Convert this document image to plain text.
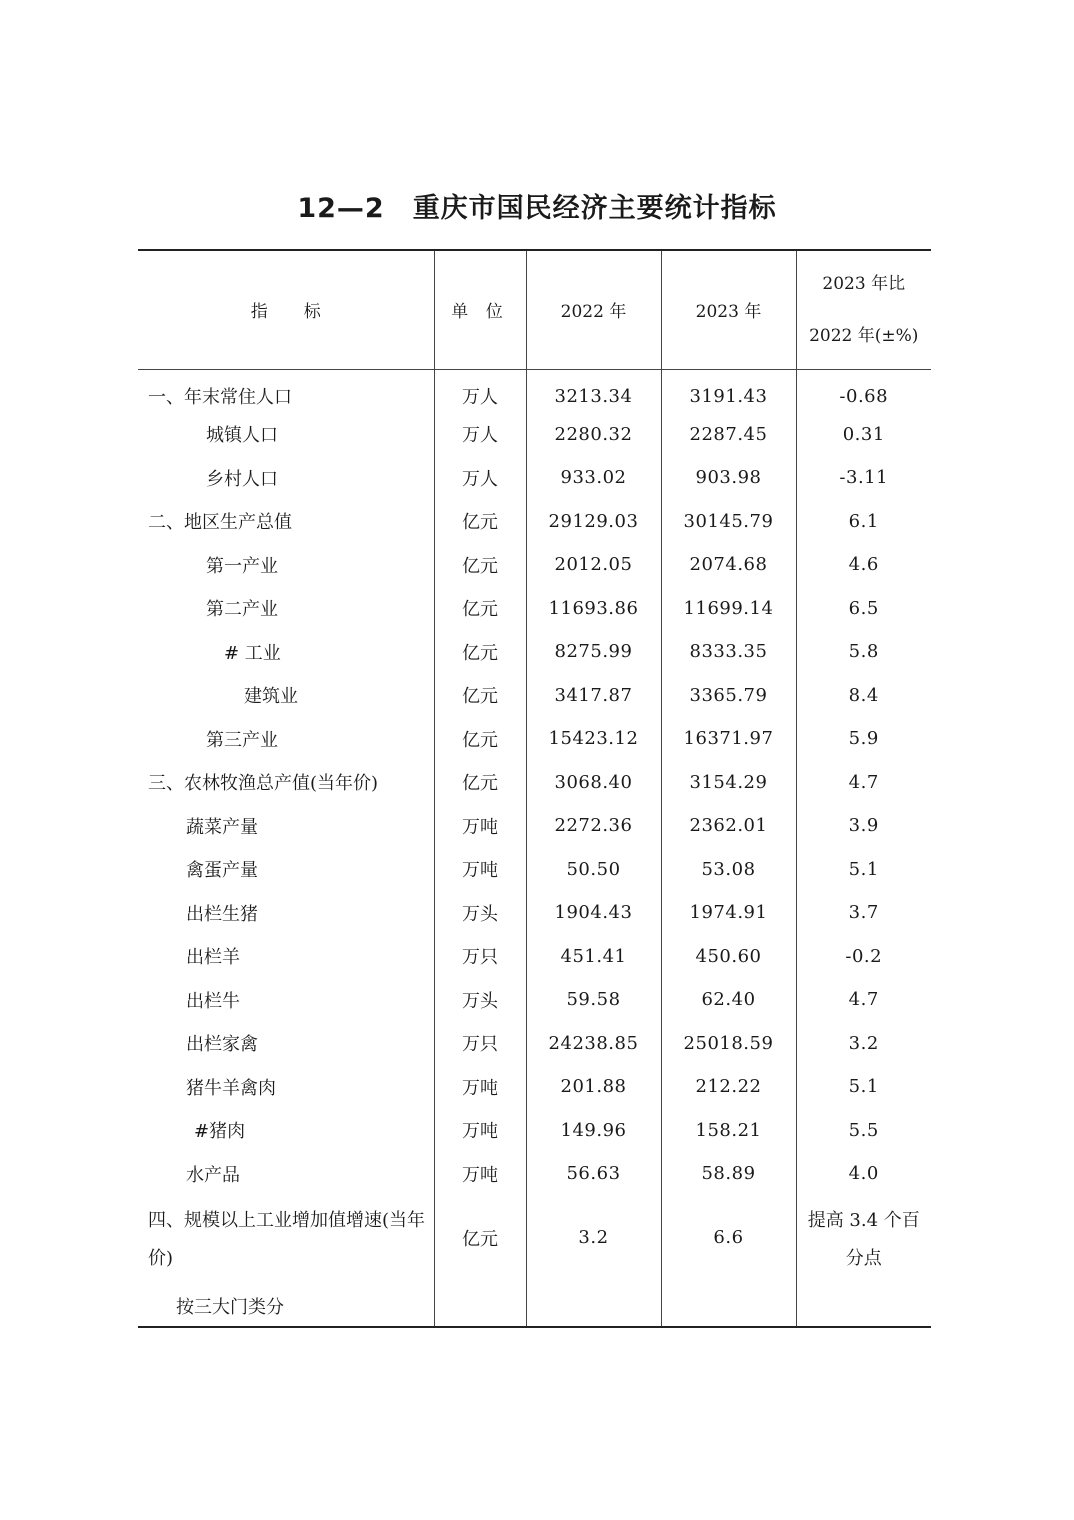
12—2 重庆市国民经济主要统计指标
指 标	单 位	2022 年	2023 年	2023 年比
2022 年(±%)

一、年末常住人口	万人	3213.34	3191.43	-0.68
城镇人口	万人	2280.32	2287.45	0.31
乡村人口	万人	933.02	903.98	-3.11
二、地区生产总值	亿元	29129.03	30145.79	6.1
第一产业	亿元	2012.05	2074.68	4.6
第二产业	亿元	11693.86	11699.14	6.5
# 工业	亿元	8275.99	8333.35	5.8
建筑业	亿元	3417.87	3365.79	8.4
第三产业	亿元	15423.12	16371.97	5.9
三、农林牧渔总产值(当年价)	亿元	3068.40	3154.29	4.7
蔬菜产量	万吨	2272.36	2362.01	3.9
禽蛋产量	万吨	50.50	53.08	5.1
出栏生猪	万头	1904.43	1974.91	3.7
出栏羊	万只	451.41	450.60	-0.2
出栏牛	万头	59.58	62.40	4.7
出栏家禽	万只	24238.85	25018.59	3.2
猪牛羊禽肉	万吨	201.88	212.22	5.1
#猪肉	万吨	149.96	158.21	5.5
水产品	万吨	56.63	58.89	4.0
四、规模以上工业增加值增速(当年价)	亿元	3.2	6.6	提高 3.4 个百分点
按三大门类分				
